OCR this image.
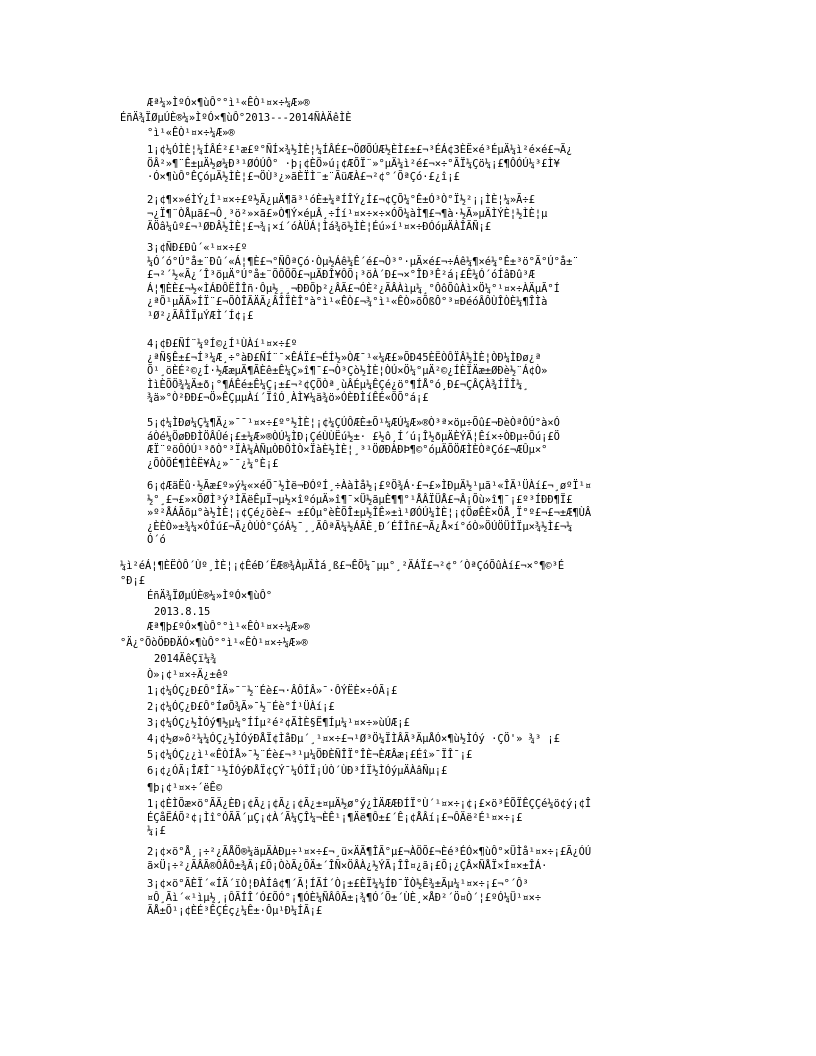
Æª¼»ÌºÓ×¶ùÔ°°ì¹«ÊÒ¹¤×÷¼Æ»®
ÉñÄ¾ÏØµÚÈ®¼»ÌºÓ×¶ùÔ°2013---2014ÑÀÄêÌÈ
°ì¹«ÊÒ¹¤×÷¼Æ»®
1¡¢¼ÓÌÈ¦¼ÍÂÉ²£¹æ£º°ÑÍ×¾½ÌÈ¦¼ÍÂÉ£¬ÖØÕÚÆ½ÈÌ£±£¬³ÉÁ¢3ÈË×é³ÉµÄ¼ì²é×é£¬Ã¿
ÖÂ²»¶¨Ê±µÄ½ø¼Ð³¹ØÓÚÔ° ·þ¡¢ÈÖ»ú¡¢ÆÕÏ¨»°µÄ¼ì²é£¬×÷°ÃÏ¼Çö¼¡£¶ÔÓÚ¼³£Ì¥
·Ó×¶ùÔ°ÊÇóµÄ½ÌÈ¦£¬ÖÙ³¿»ãÈÏÌ¨±¨ÃüÆÀ£¬²¢°´ÕªÇó·£¿î¡£
2¡¢¶×»éÌÝ¿Í¹¤×÷£º½Ã¿µÄ¶ã³¹óÈ±¼ªÍÎÝ¿Í£¬¢ÇÕ¼°Ê±Ó³Ò°Ï½²¡¡ÌÈ¦¼»Ã÷£
¬¿Ï¶¨ÒÅµã£¬Ô¸³ö²»×ã£»Ò¶Ý×éµÂ¸÷Íí¹¤×÷×÷×ÓÕ¼àÌ¶£¬¶à·½Ã»µÄÌÝÈ¦½ÌÈ¦µ
ÄÖâ¼ûº£¬¹ØÐÂ½ÌÈ¦£¬¾¡×í´óÀÜÁ¦Ìá¾õ½ÌÈ¦Éú»í¹¤×÷ÐÓóµÄÀÎÃÑ¡£
3¡¢ÑÐ£Ðû´«¹¤×÷£º
¼Ó´ó°Ú°å±¨Ðû´«Á¦¶È£¬°ÑÔªÇó·Òµ½Áê¼Ê´é£¬Ò³°·µÄ×é£¬÷Áê¼¶×é¼°Ê±³ö°Ã°Ú°å±¨
£¬²´½«Ã¿´Î³öµÄ°Ú°å±¨ÕÕÕÕ£¬µÄÐÎ¥ÔÕ¡³öÀ´Ð£¬×°ÎÐ³Ê²á¡£Ê¼Ó´óÍâÐû³Æ
Á¦¶ÈÈ£¬½«ÌÁÐÔËÎÎñ·Ôµ½¸¸¬ÐÐÕþ²¿ÂÃ£¬ÓÈ²¿ÃÂÀìµ¼¸°ÔôÕûÀì×Ö¼°¹¤×÷ÀÄµÃ°Í
¿ªÕ¹µÄÃ»ÍÏ¨£¬ÕÒÎÃÄÃ¿ÂÎÏÈÎ°à°ì¹«ÊÒ£¬¾°ì¹«ÊÒ»õÕßÔ°³¤ÐéóÂÔÙÎÒÈ¼¶ÎÌà
¹Ø²¿ÃÂÎÏµÝÆÌ´Í¢¡£
4¡¢Ð£ÑÍ¨¼ºÍ©¿Í¹ÙÀí¹¤×÷£º
¿ªÑ§Ê±£¬Í³¼Æ¸÷°àÐ£ÑÍ¨¯×ÊÁÏ£¬ÉÍ½»ÒÆ¯¹«¼Æ£»ÕÐ45ÈËÒÔÏÂ½ÌÈ¦ÒÐ¼ÌÐø¿ª
Õ¹¸öÈÉ²©¿Í·½ÆæµÄ¶ÃÈê±Ê¼Ç»î¶¯£¬Ò³Çò½ÌÈ¦ÒÚ×Ö¼°µÄ²©¿ÍÈÏÄæ±ØÐè½¨Á¢Ò»
ÌìÈÕÖ¾¼Ä±ð¡°¶ÁÊé±Ê¼Ç¡±£¬²¢ÇÕÒª¸ùÂÉµ¼ÊÇé¿ö°¶ÍÅ°ó¸Ð£¬ÇÂÇÀ¾ÍÏÎ¼¸
¾ä»°Ò²ÐÐ£¬Ö»ÊÇµµÀí´ÏîÓ¸ÀÌ¥¼ä¾ö»ÓÈÐÌíÊÉ«ÕÕ°á¡£
5¡¢¼ÌÐø¼Ç¼¶Ä¿»¯¯¹¤×÷£º°½ÌÈ¦¡¢¼ÇÚÔÆÈ±Õ¹¼ÆÚ¼Æ»®Ò³ª×öµ÷Õû£¬ÐèÒªÔÚ°à×Ó
áÒé¼ÖøÐÐÌÖÂÛé¡£±¼Æ»®ÒÚ¼ÌÐ¡ÇéÙÙËú½±· £½ô¸Í´ú¡Î½ðµÄÈÝÄ¦Êí×÷ÒÐµ÷Õú¡£Ö
ÆÏ¨ºöÔÓÚ¹³ðÒ°³ÏÀ¼ÀÑµÒÐÔÌÒ×ÏàÈ½ÌÈ¦¸³¹ÖØÐÀÐÞ¶©°óµÄÕÖÆÌÈÒªÇó£¬ÆÛµ×°
¿ÕÒÖÉ¶ÌÈË¥À¿»¯¯¿¼°È¡£
6¡¢ÆäËû·½Ãæ£º»ý¼«×éÖ¯½Ìë¬ÐÓºÍ¸÷ÀàÌå½¡£ºÖ¾Á·£¬£»ÌÐµÄ½¹µã¹«ÎÄ¹ÜÀí£¬¸øºÏ¹¤
½°¸£¬£»×ÕØÌ³ý³ÌÄëÊµÏ¬µ½×îºóµÄ»î¶¯×Ü½ãµÈ¶¶°¹ÅÂÏÜÅ£¬Â¡Õù»î¶¯¡£º³ÍÐÐ¶Ï£
»º²ÅÁÃõµ°à½ÌÈ¦¡¢Çé¿öè£¬ ±£Óµ°èÈÕÎ±µ½ÎÊ»±ì¹ØÓÚ¼ÌÈ¦¡¢ÖøÊÈ×ÖÅ¸Ï°º£¬£¬±Æ¶ÙÂ
¿ÈÈÒ»±¾¼×ÓÎú£¬Ã¿ÒÚÒ°ÇóÁ½¯¸¸ÃÔªÃ¼½ÁÃÈ¸Ð´ÉÎÎñ£¬Ã¿Å×í°óÒ»ÖÚÖÜÌÏµ×¾½Ì£¬¼
Ó´ó
¼ì²éÁ¦¶ÈËÒÔ´Ùº¸ÌÈ¦¡¢ÊéÐ´ËÆ®¾ÀµÄÌá¸ß£¬ÊÕ¼¯µµ°¸²ÄÁÏ£¬²¢°´ÒªÇóÕûÀí£¬×°¶©³É
°Ð¡£
ÉñÄ¾ÏØµÚÈ®¼»ÌºÓ×¶ùÔ°
2013.8.15
Æª¶þ£ºÓ×¶ùÔ°°ì¹«ÊÒ¹¤×÷¼Æ»®
°Ä¿°ÕòÖÐÐÄÓ×¶ùÔ°°ì¹«ÊÒ¹¤×÷¼Æ»®
2014ÄêÇï¼¾
Ò»¡¢¹¤×÷Ä¿±êº
1¡¢¼ÓÇ¿Ð£Ô°ÎÄ»¯¨½¨Éè£¬·ÂÔÍÂ»¯·ÔÝËÈ×÷ÓÃ¡£
2¡¢¼ÓÇ¿Ð£Ô°ÍøÕ¾Ã»¯½¨Éè°Í¹ÜÀí¡£
3¡¢¼ÓÇ¿½ÌÓý¶½µ¼°ÍÍµ²é²¢ÄÌÈ§Ë¶Íµ¼¹¤×÷»ùÚÆ¡£
4¡¢½ø»ô²¼¼ÓÇ¿½ÌÓýÐÅÏ¢ÌåÐµ´¸¹¤×÷£¬¹Ø³Ö¼ÏÌÂÃ³ÄµÅÓ×¶ù½ÌÓý ·ÇÖ'» ¾³ ¡£
5¡¢¼ÓÇ¿¿ì¹«ÊÒÍÅ»¯½¨Éè£¬³¹µ¼ÖÐÈÑÎÏ°ÎÈ¬ÈÆÂæ¡£Éî»¯ÏÎ¯¡£
6¡¢¿ÓÃ¡ÎÆÎ¯¹½ÍÓýÐÅÏ¢ÇÝ¯¼ÓÎÏ¡ÚÒ´ÙÐ³ÍÏ½ÌÓýµÄÀâÑµ¡£
¶þ¡¢¹¤×÷´ëÊ©
1¡¢ÈÌÕæ×ö°ÃÃ¿ÈÐ¡¢Ã¿¡¢Ã¿¡¢Ã¿±¤µÄ½ø°ý¿ÌÄÆÆÐÍÏ°Ù´¹¤×÷¡¢¡£×ö³ÉÕÏÊÇÇé¼ö¢ý¡¢Î
ÉÇåËÁÕ²¢¡Ìî°ÓÃÃ´µÇ¡¢À´Ã¼ÇÎ¼¬ÈÊ¹¡¶Äë¶Ô±£´Ê¡¢ÅÂí¡£¬ÔÄë²É¹¤×÷¡£
¼¡£
2¡¢×ö°Å¸¡÷²¿ÃÅÖ®¼äµÄÀÐµ÷¹¤×÷£¬¸ü×ÄÃ¶ÎÃ°µ£¬ÀÖÕ£¬Èé³ÉÓ×¶ùÔ°×ÜÌå¹¤×÷¡£Ã¿ÓÚ
ã×Ü¡÷²¿ÃÂÃ®ÔÂÔ±¾Ã¡£Õ¡ÒòÃ¿ÕÄ±´ÎÑ×ÖÂÀ¿½ÝÃ¡ÎÎ¤¿ã¡£Õ¡¿ÇÂ×ÑÅÏ×Í¤×±ÎÁ·
3¡¢×ö°ÃÈÏ´«ÍÄ´ïÒ¦ÐÀÍâ¢¶´Ã¦ÍÃÍ´Ò¡±£ÈÏ¼¼ÍÐ¯ÏÒ½Ê¾±Ãµ¼¹¤×÷¡£¬°´Ô³
¤Ô¸Ãì´«¹ìµ½¸¡ÔÃÍÎ´Ó£ÕÓ°¡¶ÓÈ¼ÑÂÔÃ±¡¾¶Ó´Õ±´ÙÈ¸×ÅÐ²´Ö¤Ò´¦£ºÓ¼Ü¹¤×÷
ÃÅ±Õ¹¡¢ÈÉ³ÊÇÉç¿¼Ê±·Ôµ¹Ð¼ÍÃ¡£
